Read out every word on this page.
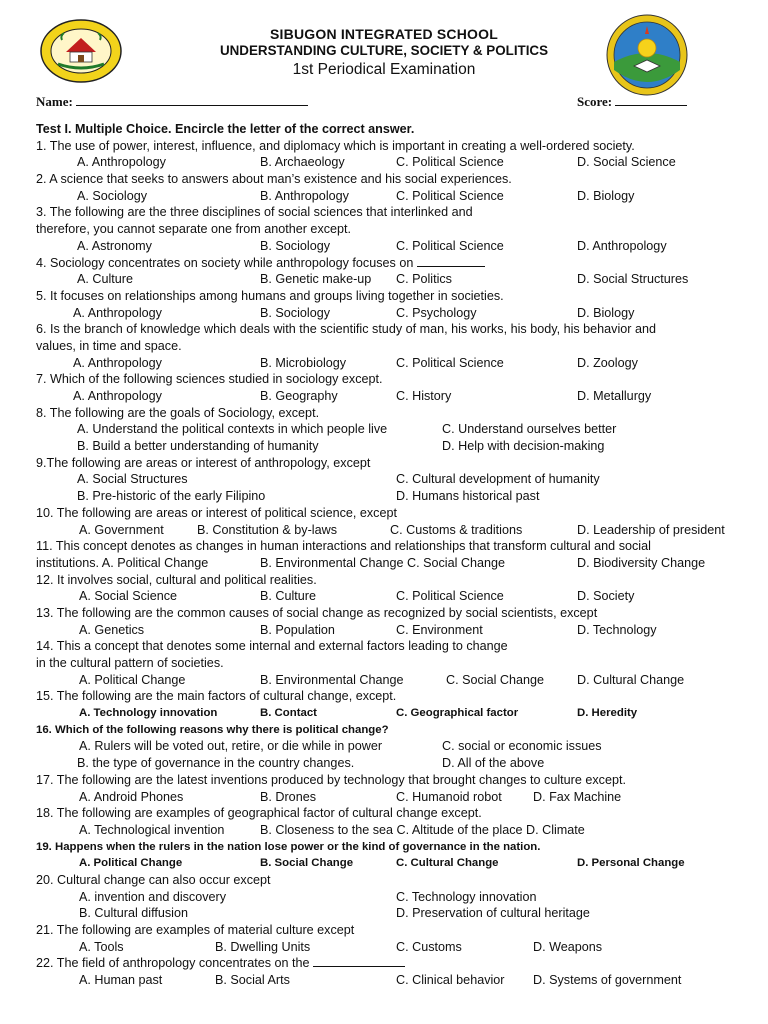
SIBUGON INTEGRATED SCHOOL
UNDERSTANDING CULTURE, SOCIETY & POLITICS
1st Periodical Examination
Name:	Score:
Test I. Multiple Choice. Encircle the letter of the correct answer.
1. The use of power, interest, influence, and diplomacy which is important in creating a well-ordered society.
A. Anthropology	B. Archaeology	C. Political Science	D. Social Science
2. A science that seeks to answers about man’s existence and his social experiences.
A. Sociology	B. Anthropology	C. Political Science	D. Biology
3. The following are the three disciplines of social sciences that interlinked and
therefore, you cannot separate one from another except.
A. Astronomy	B. Sociology	C. Political Science	D. Anthropology
4. Sociology concentrates on society while anthropology focuses on
A. Culture	B. Genetic make-up C. Politics	D. Social Structures
5. It focuses on relationships among humans and groups living together in societies.
A. Anthropology	B. Sociology	C. Psychology	D. Biology
6. Is the branch of knowledge which deals with the scientific study of man, his works, his body, his behavior and
values, in time and space.
A. Anthropology	B. Microbiology	C. Political Science	D. Zoology
7. Which of the following sciences studied in sociology except.
A. Anthropology	B. Geography	C. History	D. Metallurgy
8. The following are the goals of Sociology, except.
A. Understand the political contexts in which people live	C. Understand ourselves better
B. Build a better understanding of humanity	D. Help with decision-making
9.The following are areas or interest of anthropology, except
A. Social Structures	C. Cultural development of humanity
B. Pre-historic of the early Filipino	D. Humans historical past
10. The following are areas or interest of political science, except
A. Government	B. Constitution & by-laws	C. Customs & traditions	D. Leadership of president
11. This concept denotes as changes in human interactions and relationships that transform cultural and social
institutions. A. Political Change	B. Environmental Change C. Social Change	D. Biodiversity Change
12. It involves social, cultural and political realities.
A. Social Science	B. Culture	C. Political Science	D. Society
13. The following are the common causes of social change as recognized by social scientists, except
A. Genetics	B. Population	C. Environment	D. Technology
14. This a concept that denotes some internal and external factors leading to change
in the cultural pattern of societies.
A. Political Change	B. Environmental Change	C. Social Change	D. Cultural Change
15. The following are the main factors of cultural change, except.
A. Technology innovation	B. Contact	C. Geographical factor	D. Heredity
16. Which of the following reasons why there is political change?
A. Rulers will be voted out, retire, or die while in power	C. social or economic issues
B. the type of governance in the country changes.	D. All of the above
17. The following are the latest inventions produced by technology that brought changes to culture except.
A. Android Phones	B. Drones	C. Humanoid robot D. Fax Machine
18. The following are examples of geographical factor of cultural change except.
A. Technological invention	B. Closeness to the sea C. Altitude of the place D. Climate
19. Happens when the rulers in the nation lose power or the kind of governance in the nation.
A. Political Change	B. Social Change	C. Cultural Change	D. Personal Change
20. Cultural change can also occur except
A. invention and discovery	C. Technology innovation
B. Cultural diffusion	D. Preservation of cultural heritage
21. The following are examples of material culture except
A. Tools	B. Dwelling Units	C. Customs	D. Weapons
22. The field of anthropology concentrates on the
A. Human past	B. Social Arts	C. Clinical behavior D. Systems of government
